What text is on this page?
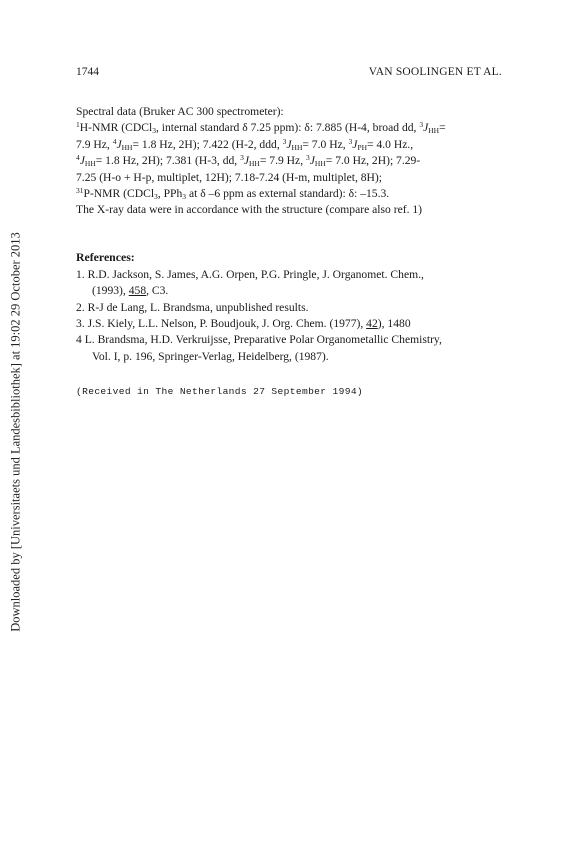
Downloaded by [Universitaets und Landesbibliothek] at 19:02 29 October 2013
1744	VAN SOOLINGEN ET AL.
Spectral data (Bruker AC 300 spectrometer):
$^1$H-NMR (CDCl$_3$, internal standard δ 7.25 ppm): δ: 7.885 (H-4, broad dd, $^3J_{HH}=$
7.9 Hz, $^4J_{HH}= 1.8$ Hz, 2H); 7.422 (H-2, ddd, $^3J_{HH}= 7.0$ Hz, $^3J_{PH}= 4.0$ Hz.,
$^4J_{HH}= 1.8$ Hz, 2H); 7.381 (H-3, dd, $^3J_{HH}= 7.9$ Hz, $^3J_{HH}= 7.0$ Hz, 2H); 7.29-
7.25 (H-o + H-p, multiplet, 12H); 7.18-7.24 (H-m, multiplet, 8H);
$^{31}$P-NMR (CDCl$_3$, PPh$_3$ at δ –6 ppm as external standard): δ: –15.3.
The X-ray data were in accordance with the structure (compare also ref. 1)
References:
1. R.D. Jackson, S. James, A.G. Orpen, P.G. Pringle, J. Organomet. Chem.,
(1993), 458, C3.
2. R-J de Lang, L. Brandsma, unpublished results.
3. J.S. Kiely, L.L. Nelson, P. Boudjouk, J. Org. Chem. (1977), 42), 1480
4 L. Brandsma, H.D. Verkruijsse, Preparative Polar Organometallic Chemistry,
Vol. I, p. 196, Springer-Verlag, Heidelberg, (1987).
(Received in The Netherlands 27 September 1994)
